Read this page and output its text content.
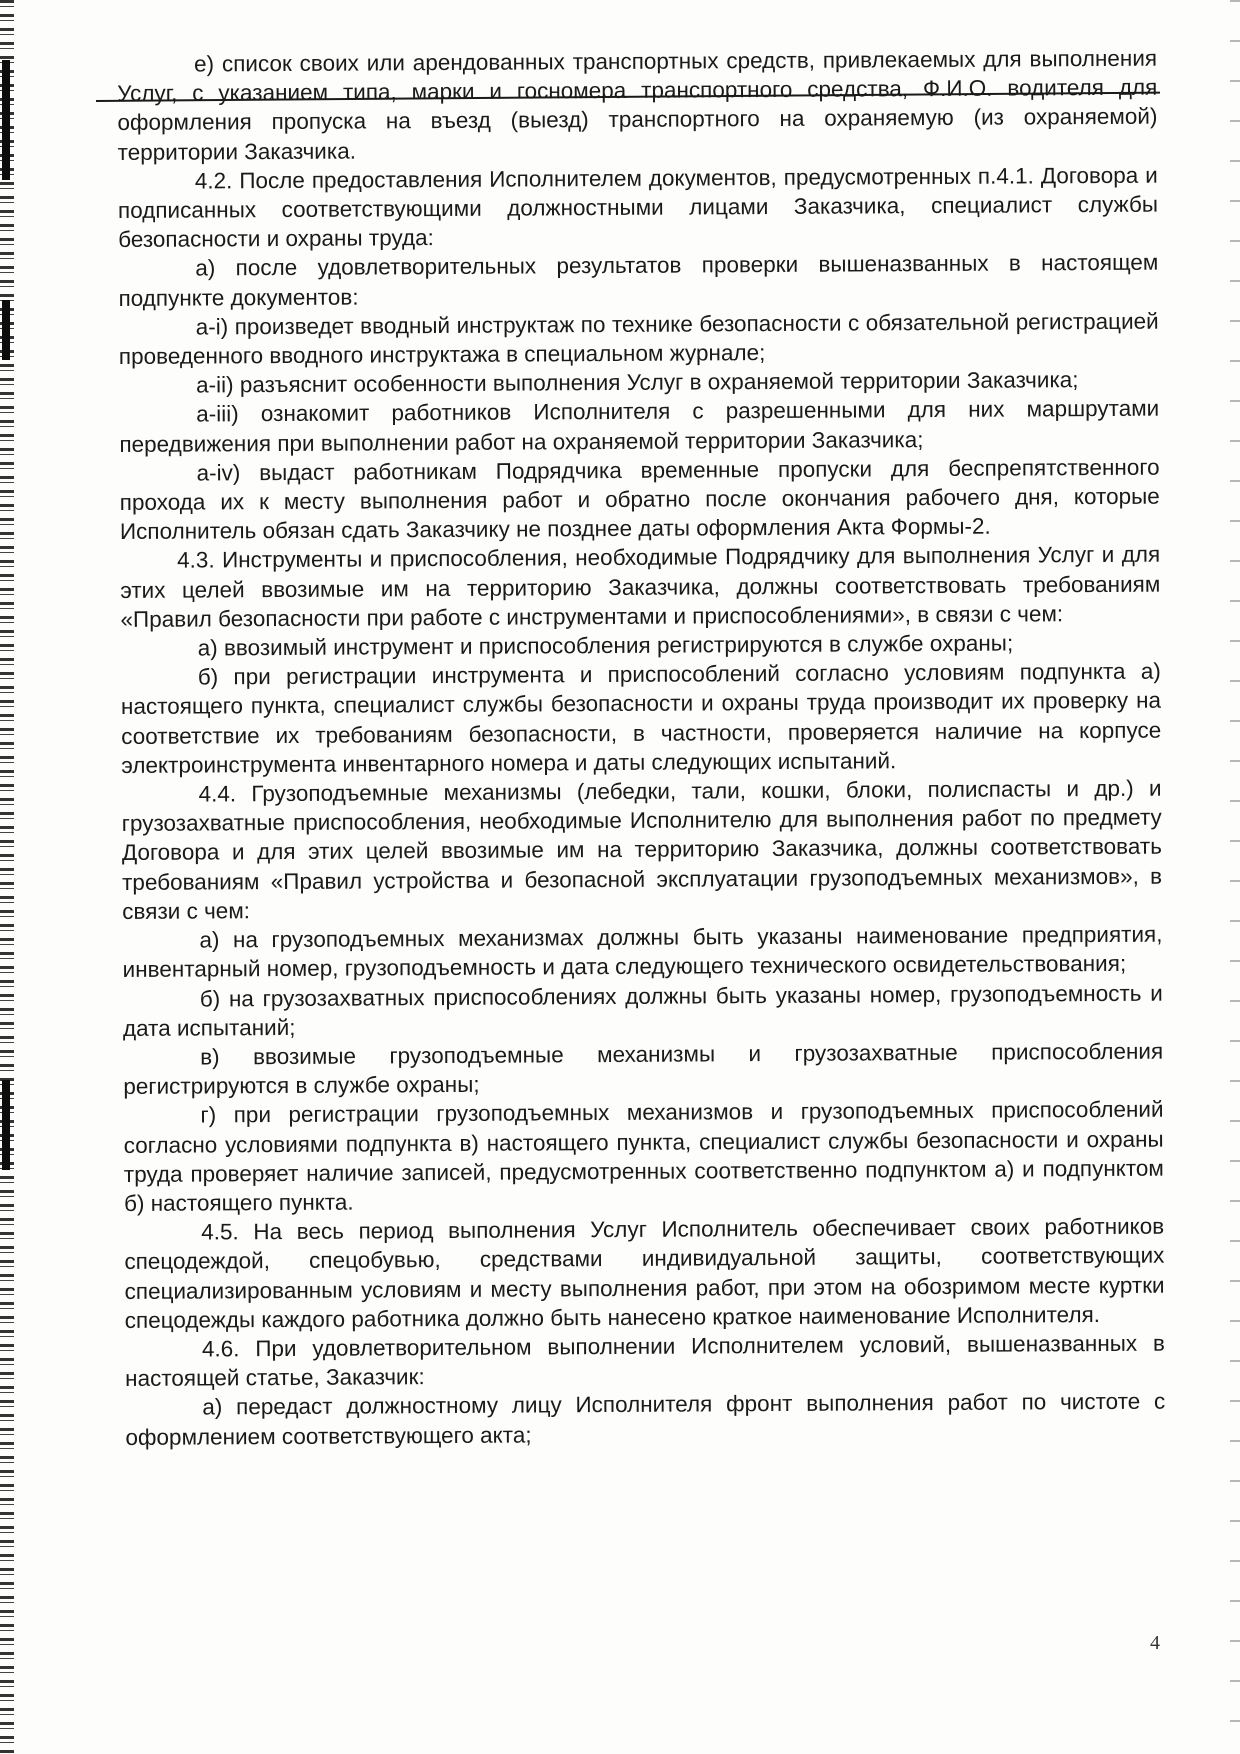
е) список своих или арендованных транспортных средств, привлекаемых для выполнения Услуг, с указанием типа, марки и госномера транспортного средства, Ф.И.О. водителя для оформления пропуска на въезд (выезд) транспортного на охраняемую (из охраняемой) территории Заказчика.

4.2. После предоставления Исполнителем документов, предусмотренных п.4.1. Договора и подписанных соответствующими должностными лицами Заказчика, специалист службы безопасности и охраны труда:

а) после удовлетворительных результатов проверки вышеназванных в настоящем подпункте документов:

а-i) произведет вводный инструктаж по технике безопасности с обязательной регистрацией проведенного вводного инструктажа в специальном журнале;

а-ii) разъяснит особенности выполнения Услуг в охраняемой территории Заказчика;

а-iii) ознакомит работников Исполнителя с разрешенными для них маршрутами передвижения при выполнении работ на охраняемой территории Заказчика;

а-iv) выдаст работникам Подрядчика временные пропуски для беспрепятственного прохода их к месту выполнения работ и обратно после окончания рабочего дня, которые Исполнитель обязан сдать Заказчику не позднее даты оформления Акта Формы-2.

4.3. Инструменты и приспособления, необходимые Подрядчику для выполнения Услуг и для этих целей ввозимые им на территорию Заказчика, должны соответствовать требованиям «Правил безопасности при работе с инструментами и приспособлениями», в связи с чем:

а) ввозимый инструмент и приспособления регистрируются в службе охраны;

б) при регистрации инструмента и приспособлений согласно условиям подпункта а) настоящего пункта, специалист службы безопасности и охраны труда производит их проверку на соответствие их требованиям безопасности, в частности, проверяется наличие на корпусе электроинструмента инвентарного номера и даты следующих испытаний.

4.4. Грузоподъемные механизмы (лебедки, тали, кошки, блоки, полиспасты и др.) и грузозахватные приспособления, необходимые Исполнителю для выполнения работ по предмету Договора и для этих целей ввозимые им на территорию Заказчика, должны соответствовать требованиям «Правил устройства и безопасной эксплуатации грузоподъемных механизмов», в связи с чем:

а) на грузоподъемных механизмах должны быть указаны наименование предприятия, инвентарный номер, грузоподъемность и дата следующего технического освидетельствования;

б) на грузозахватных приспособлениях должны быть указаны номер, грузоподъемность и дата испытаний;

в) ввозимые грузоподъемные механизмы и грузозахватные приспособления регистрируются в службе охраны;

г) при регистрации грузоподъемных механизмов и грузоподъемных приспособлений согласно условиями подпункта в) настоящего пункта, специалист службы безопасности и охраны труда проверяет наличие записей, предусмотренных соответственно подпунктом а) и подпунктом б) настоящего пункта.

4.5. На весь период выполнения Услуг Исполнитель обеспечивает своих работников спецодеждой, спецобувью, средствами индивидуальной защиты, соответствующих специализированным условиям и месту выполнения работ, при этом на обозримом месте куртки спецодежды каждого работника должно быть нанесено краткое наименование Исполнителя.

4.6. При удовлетворительном выполнении Исполнителем условий, вышеназванных в настоящей статье, Заказчик:

а) передаст должностному лицу Исполнителя фронт выполнения работ по чистоте с оформлением соответствующего акта;

4
